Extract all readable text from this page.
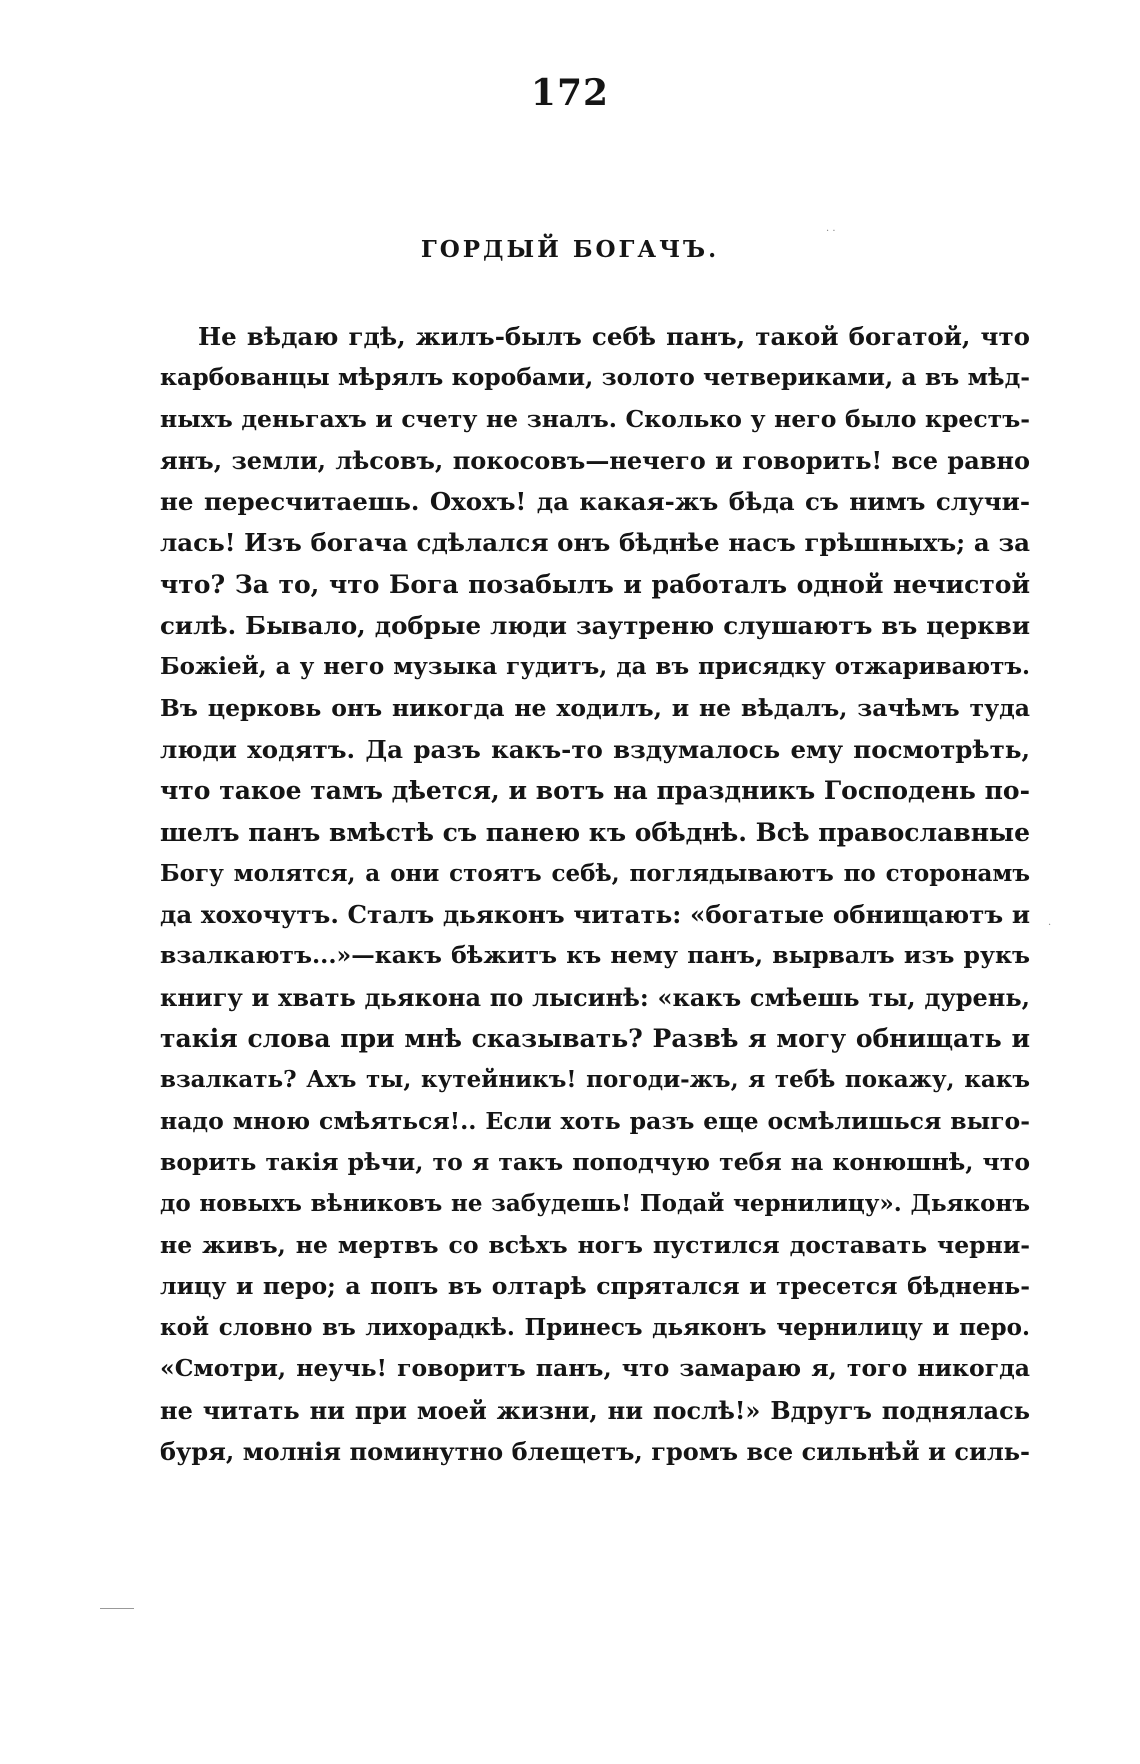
172
· ·
ГОРДЫЙ БОГАЧЪ.
Не вѣдаю гдѣ, жилъ-былъ себѣ панъ, такой богатой, что
карбованцы мѣрялъ коробами, золото четвериками, а въ мѣд-
ныхъ деньгахъ и счету не зналъ. Сколько у него было крестъ-
янъ, земли, лѣсовъ, покосовъ—нечего и говорить! все равно
не пересчитаешь. Охохъ! да какая-жъ бѣда съ нимъ случи-
лась! Изъ богача сдѣлался онъ бѣднѣе насъ грѣшныхъ; а за
что? За то, что Бога позабылъ и работалъ одной нечистой
силѣ. Бывало, добрые люди заутреню слушаютъ въ церкви
Божіей, а у него музыка гудитъ, да въ присядку отжариваютъ.
Въ церковь онъ никогда не ходилъ, и не вѣдалъ, зачѣмъ туда
люди ходятъ. Да разъ какъ-то вздумалось ему посмотрѣть,
что такое тамъ дѣется, и вотъ на праздникъ Господень по-
шелъ панъ вмѣстѣ съ панею къ обѣднѣ. Всѣ православные
Богу молятся, а они стоятъ себѣ, поглядываютъ по сторонамъ
да хохочутъ. Сталъ дьяконъ читать: «богатые обнищаютъ и
взалкаютъ...»—какъ бѣжитъ къ нему панъ, вырвалъ изъ рукъ
книгу и хвать дьякона по лысинѣ: «какъ смѣешь ты, дурень,
такія слова при мнѣ сказывать? Развѣ я могу обнищать и
взалкать? Ахъ ты, кутейникъ! погоди-жъ, я тебѣ покажу, какъ
надо мною смѣяться!.. Если хоть разъ еще осмѣлишься выго-
ворить такія рѣчи, то я такъ поподчую тебя на конюшнѣ, что
до новыхъ вѣниковъ не забудешь! Подай чернилицу». Дьяконъ
не живъ, не мертвъ со всѣхъ ногъ пустился доставать черни-
лицу и перо; а попъ въ олтарѣ спрятался и тресется бѣднень-
кой словно въ лихорадкѣ. Принесъ дьяконъ чернилицу и перо.
«Смотри, неучь! говоритъ панъ, что замараю я, того никогда
не читать ни при моей жизни, ни послѣ!» Вдругъ поднялась
буря, молнія поминутно блещетъ, громъ все сильнѣй и силь-
·
